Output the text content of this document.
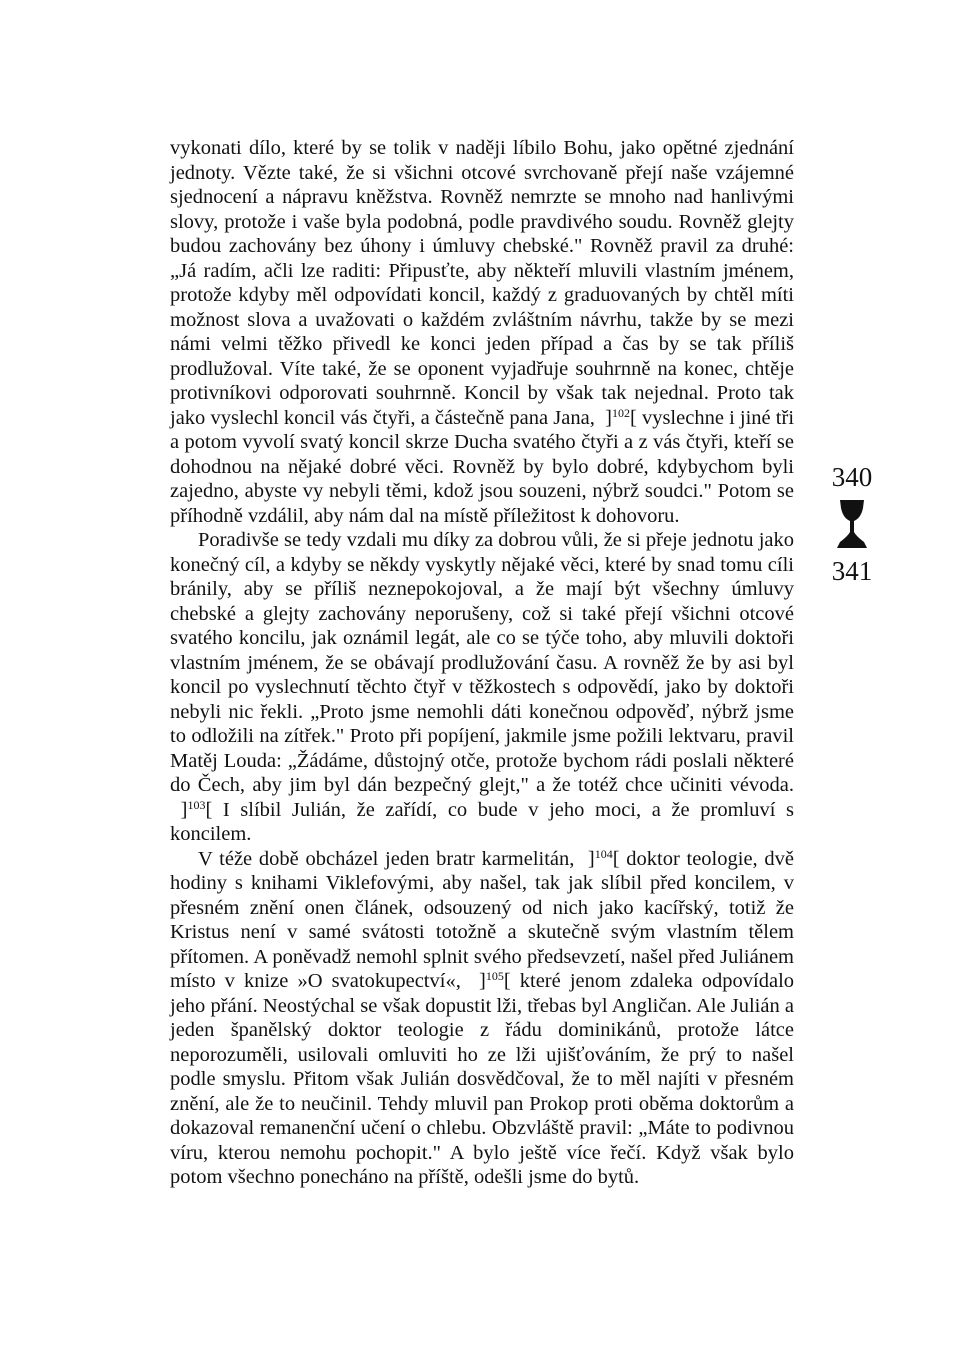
vykonati dílo, které by se tolik v naději líbilo Bohu, jako opětné zjednání jednoty. Vězte také, že si všichni otcové svrchovaně přejí naše vzájemné sjednocení a nápravu kněžstva. Rovněž nemrzte se mnoho nad hanlivými slovy, protože i vaše byla podobná, podle pravdivého soudu. Rovněž glejty budou zachovány bez úhony i úmluvy chebské." Rovněž pravil za druhé: „Já radím, ačli lze raditi: Připusťte, aby někteří mluvili vlastním jménem, protože kdyby měl odpovídati koncil, každý z graduovaných by chtěl míti možnost slova a uvažovati o každém zvláštním návrhu, takže by se mezi námi velmi těžko přivedl ke konci jeden případ a čas by se tak příliš prodlužoval. Víte také, že se oponent vyjadřuje souhrnně na konec, chtěje protivníkovi odporovati souhrnně. Koncil by však tak nejednal. Proto tak jako vyslechl koncil vás čtyři, a částečně pana Jana, ]$^{102}$[ vyslechne i jiné tři a potom vyvolí svatý koncil skrze Ducha svatého čtyři a z vás čtyři, kteří se dohodnou na nějaké dobré věci. Rovněž by bylo dobré, kdybychom byli zajedno, abyste vy nebyli těmi, kdož jsou souzeni, nýbrž soudci." Potom se příhodně vzdálil, aby nám dal na místě příležitost k dohovoru.

Poradivše se tedy vzdali mu díky za dobrou vůli, že si přeje jednotu jako konečný cíl, a kdyby se někdy vyskytly nějaké věci, které by snad tomu cíli bránily, aby se příliš neznepokojoval, a že mají být všechny úmluvy chebské a glejty zachovány neporušeny, což si také přejí všichni otcové svatého koncilu, jak oznámil legát, ale co se týče toho, aby mluvili doktoři vlastním jménem, že se obávají prodlužování času. A rovněž že by asi byl koncil po vyslechnutí těchto čtyř v těžkostech s odpovědí, jako by doktoři nebyli nic řekli. „Proto jsme nemohli dáti konečnou odpověď, nýbrž jsme to odložili na zítřek." Proto při popíjení, jakmile jsme požili lektvaru, pravil Matěj Louda: „Žádáme, důstojný otče, protože bychom rádi poslali některé do Čech, aby jim byl dán bezpečný glejt," a že totéž chce učiniti vévoda.  ]$^{103}$[ I slíbil Julián, že zařídí, co bude v jeho moci, a že promluví s koncilem.

V téže době obcházel jeden bratr karmelitán, ]$^{104}$[ doktor teologie, dvě hodiny s knihami Viklefovými, aby našel, tak jak slíbil před koncilem, v přesném znění onen článek, odsouzený od nich jako kacířský, totiž že Kristus není v samé svátosti totožně a skutečně svým vlastním tělem přítomen. A poněvadž nemohl splnit svého předsevzetí, našel před Juliánem místo v knize »O svatokupectví«, ]$^{105}$[ které jenom zdaleka odpovídalo jeho přání. Neostýchal se však dopustit lži, třebas byl Angličan. Ale Julián a jeden španělský doktor teologie z řádu dominikánů, protože látce neporozuměli, usilovali omluviti ho ze lži ujišťováním, že prý to našel podle smyslu. Přitom však Julián dosvědčoval, že to měl najíti v přesném znění, ale že to neučinil. Tehdy mluvil pan Prokop proti oběma doktorům a dokazoval remanenční učení o chlebu. Obzvláště pravil: „Máte to podivnou víru, kterou nemohu pochopit." A bylo ještě více řečí. Když však bylo potom všechno ponecháno na příště, odešli jsme do bytů.

340
341
